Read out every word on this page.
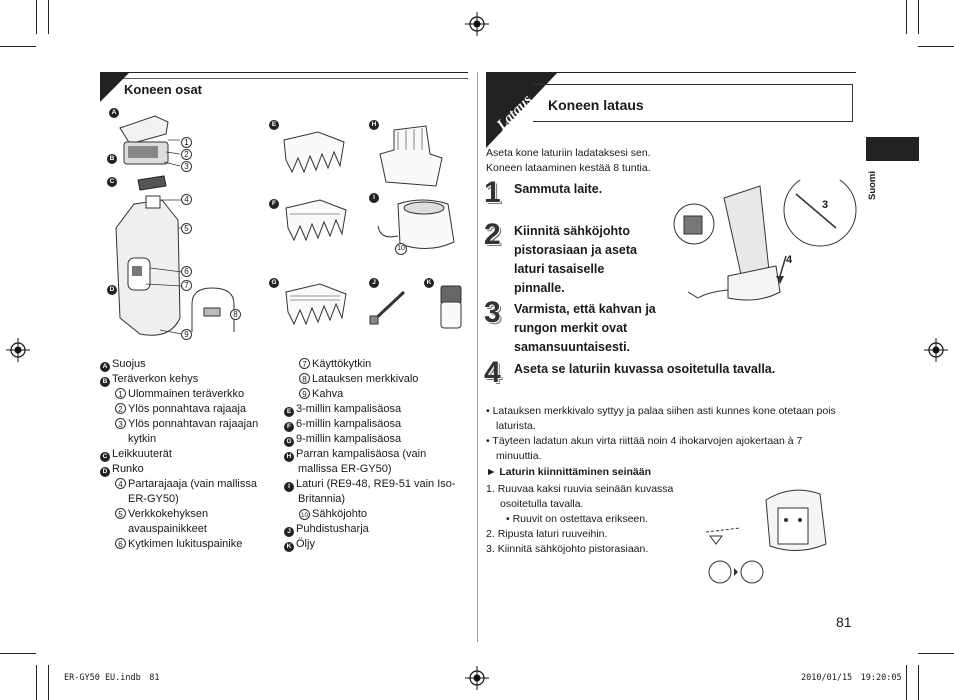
Koneen osat
A
B
C
D
1
2
3
4
5
6
7
8
9
E
F
G
H
I
10
J	K
A Suojus
B Teräverkon kehys
1 Ulommainen teräverkko
2 Ylös ponnahtava rajaaja
3 Ylös ponnahtavan rajaajan kytkin
C Leikkuuterät
D Runko
4 Partarajaaja (vain mallissa ER-GY50)
5 Verkkokehyksen avauspainikkeet
6 Kytkimen lukituspainike
7 Käyttökytkin
8 Latauksen merkkivalo
9 Kahva
E 3-millin kampalisäosa
F 6-millin kampalisäosa
G 9-millin kampalisäosa
H Parran kampalisäosa (vain mallissa ER-GY50)
I Laturi (RE9-48, RE9-51 vain Iso-Britannia)
10 Sähköjohto
J Puhdistusharja
K Öljy
Lataus Koneen lataus
Aseta kone laturiin ladataksesi sen.
Koneen lataaminen kestää 8 tuntia.
1 Sammuta laite.
2 Kiinnitä sähköjohto pistorasiaan ja aseta laturi tasaiselle pinnalle.
3 Varmista, että kahvan ja rungon merkit ovat samansuuntaisesti.
4 Aseta se laturiin kuvassa osoitetulla tavalla.
3
4
• Latauksen merkkivalo syttyy ja palaa siihen asti kunnes kone otetaan pois laturista.
• Täyteen ladatun akun virta riittää noin 4 ihokarvojen ajokertaan à 7 minuuttia.
► Laturin kiinnittäminen seinään
1. Ruuvaa kaksi ruuvia seinään kuvassa osoitetulla tavalla.
• Ruuvit on ostettava erikseen.
2. Ripusta laturi ruuveihin.
3. Kiinnitä sähköjohto pistorasiaan.
Suomi
81
ER-GY50 EU.indb　81	2010/01/15　19:20:05
